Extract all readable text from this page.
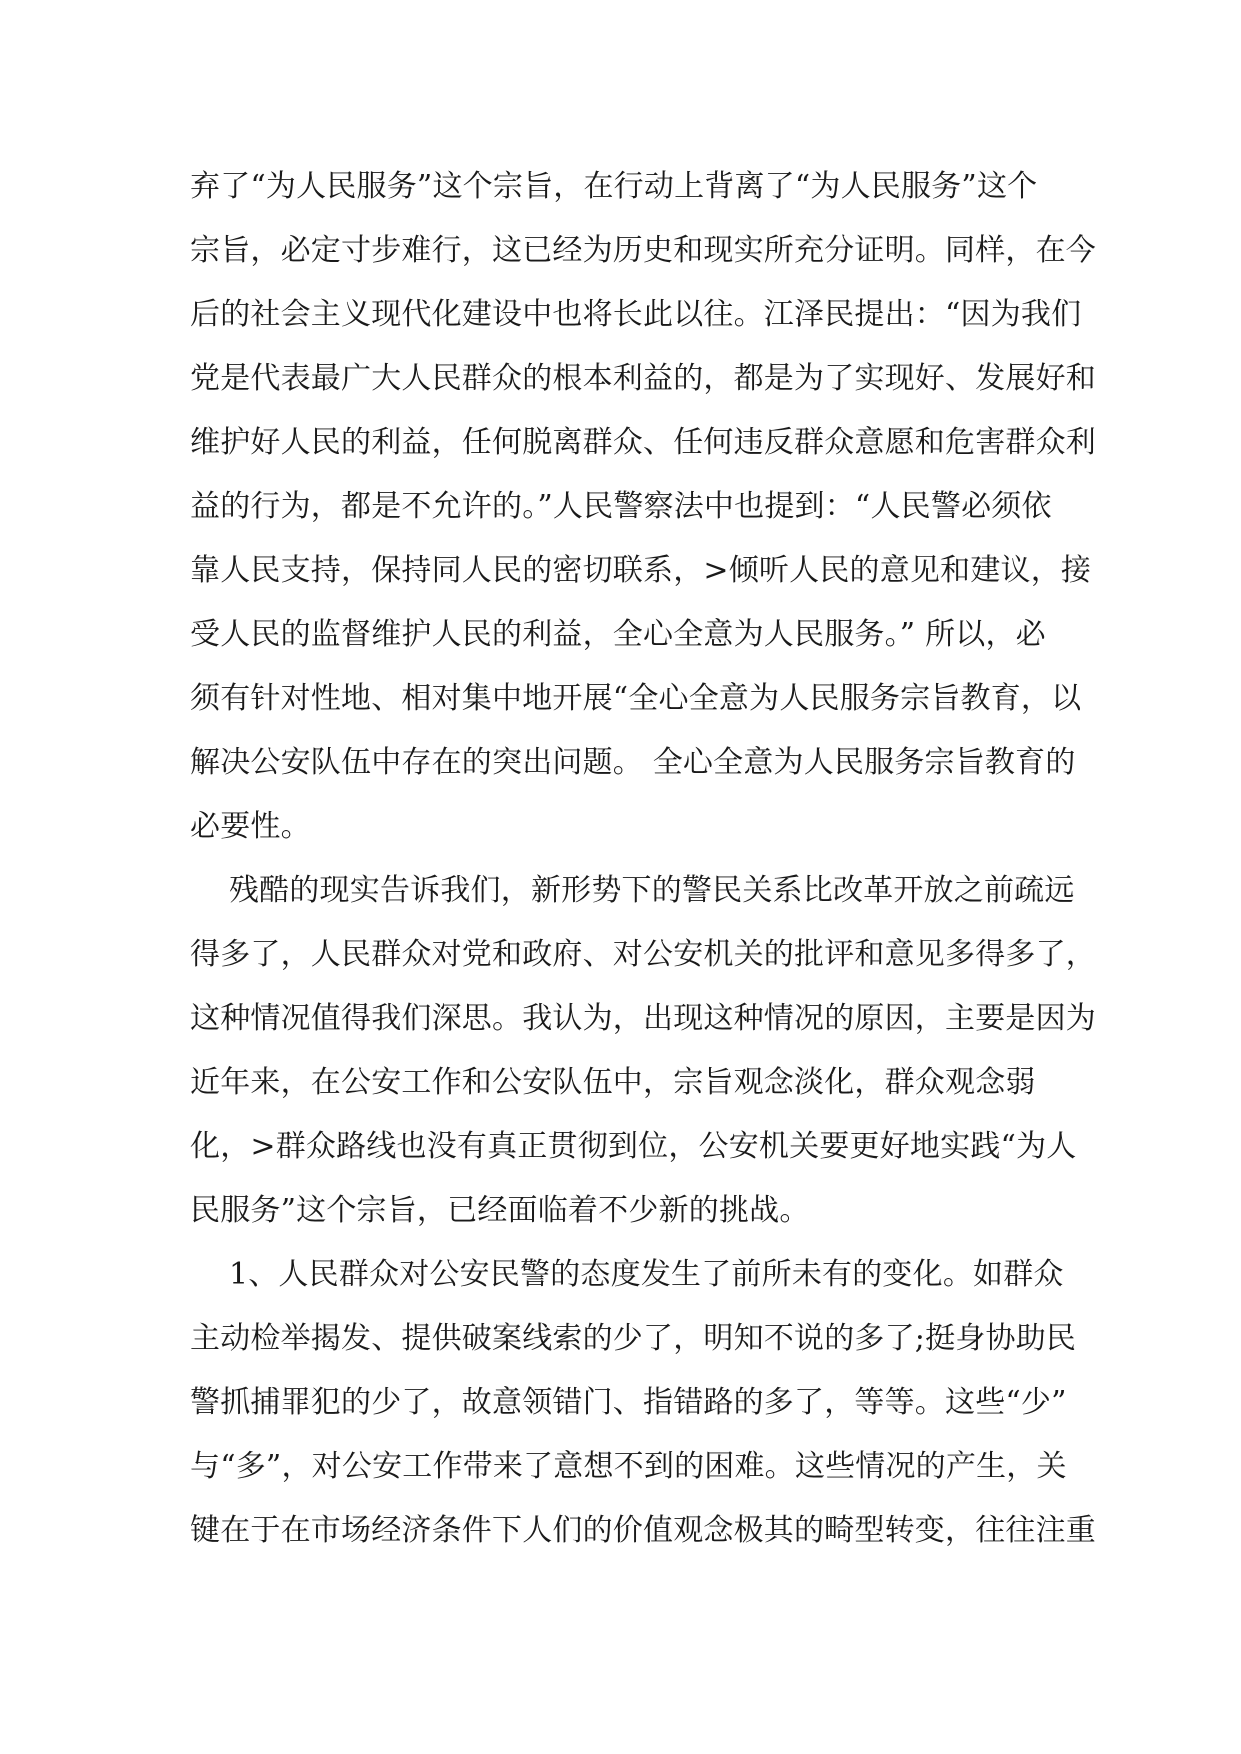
弃了“为人民服务”这个宗旨，在行动上背离了“为人民服务”这个
宗旨，必定寸步难行，这已经为历史和现实所充分证明。同样，在今
后的社会主义现代化建设中也将长此以往。江泽民提出：“因为我们
党是代表最广大人民群众的根本利益的，都是为了实现好、发展好和
维护好人民的利益，任何脱离群众、任何违反群众意愿和危害群众利
益的行为，都是不允许的。”人民警察法中也提到：“人民警必须依
靠人民支持，保持同人民的密切联系，>倾听人民的意见和建议，接
受人民的监督维护人民的利益，全心全意为人民服务。” 所以，必
须有针对性地、相对集中地开展“全心全意为人民服务宗旨教育，以
解决公安队伍中存在的突出问题。 全心全意为人民服务宗旨教育的
必要性。
残酷的现实告诉我们，新形势下的警民关系比改革开放之前疏远
得多了，人民群众对党和政府、对公安机关的批评和意见多得多了，
这种情况值得我们深思。我认为，出现这种情况的原因，主要是因为
近年来，在公安工作和公安队伍中，宗旨观念淡化，群众观念弱
化，>群众路线也没有真正贯彻到位，公安机关要更好地实践“为人
民服务”这个宗旨，已经面临着不少新的挑战。
1、人民群众对公安民警的态度发生了前所未有的变化。如群众
主动检举揭发、提供破案线索的少了，明知不说的多了;挺身协助民
警抓捕罪犯的少了，故意领错门、指错路的多了，等等。这些“少”
与“多”，对公安工作带来了意想不到的困难。这些情况的产生，关
键在于在市场经济条件下人们的价值观念极其的畸型转变，往往注重
